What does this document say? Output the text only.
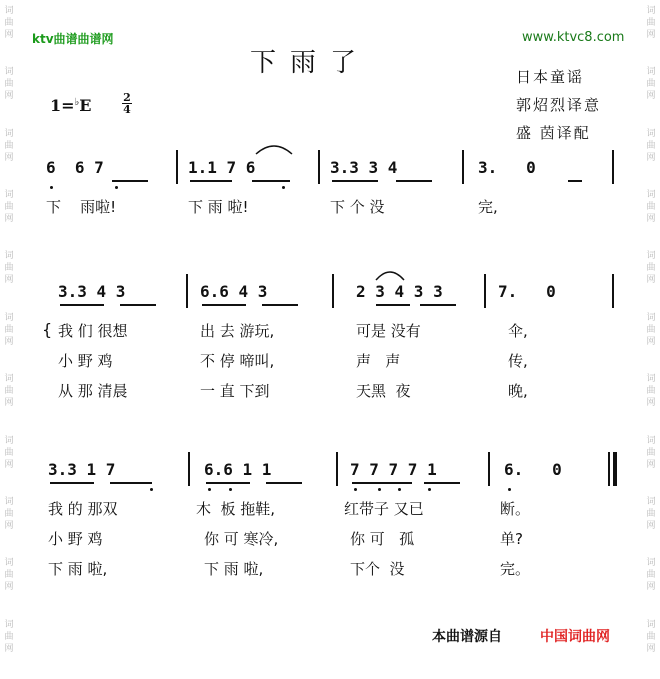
词
曲
网
词
曲
网
词
曲
网
词
曲
网
词
曲
网
词
曲
网
词
曲
网
词
曲
网
词
曲
网
词
曲
网
词
曲
网
词
曲
网
词
曲
网
词
曲
网
词
曲
网
词
曲
网
词
曲
网
词
曲
网
词
曲
网
词
曲
网
词
曲
网
词
曲
网
ktv曲谱曲谱网	www.ktvc8.com
下雨了	日本童谣
郭炤烈译意
盛 茵译配
1=♭E	2
4
6  6 7	1.1 7 6	3.3 3 4	3.   0
下    雨啦!	下 雨 啦!	下 个 没	完,
3.3 4 3	6.6 4 3	2 3 4 3 3	7.   0
{ 我 们 很想	出 去 游玩,	可是 没有	伞,
小 野 鸡	不 停 啼叫,	声   声	传,
从 那 清晨	一 直 下到	天黑  夜	晚,
3.3 1 7	6.6 1 1	7 7 7 7 1	6.   0
我 的 那双	木  板 拖鞋,	红带子 又已	断。
小 野 鸡	你 可 寒冷,	你 可   孤	单?
下 雨 啦,	下 雨 啦,	下个  没	完。
本曲谱源自	中国词曲网
